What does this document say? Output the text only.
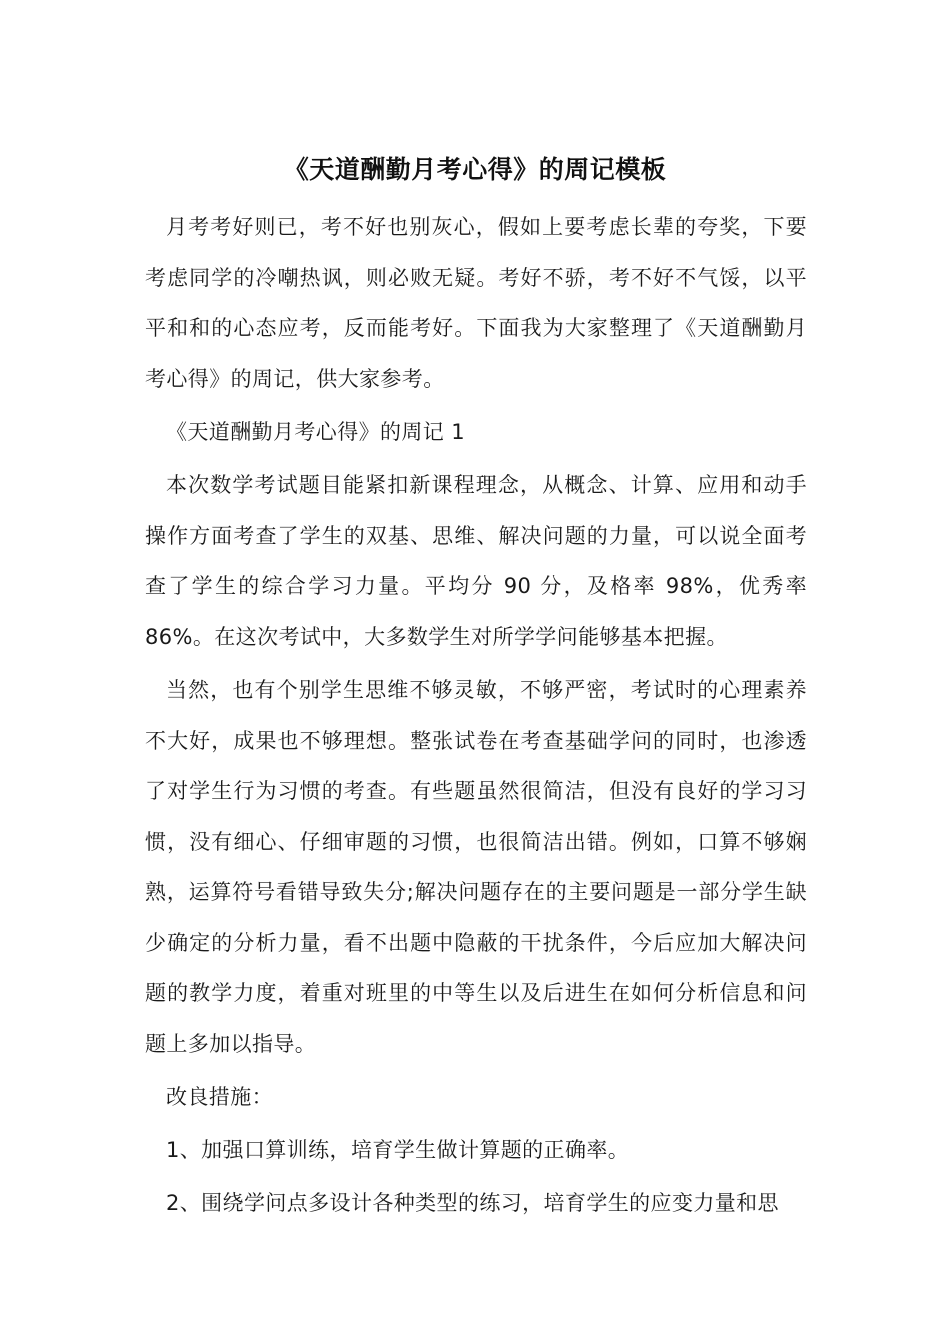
《天道酬勤月考心得》的周记模板

月考考好则已，考不好也别灰心，假如上要考虑长辈的夸奖，下要考虑同学的冷嘲热讽，则必败无疑。考好不骄，考不好不气馁，以平平和和的心态应考，反而能考好。下面我为大家整理了《天道酬勤月考心得》的周记，供大家参考。

《天道酬勤月考心得》的周记 1

本次数学考试题目能紧扣新课程理念，从概念、计算、应用和动手操作方面考查了学生的双基、思维、解决问题的力量，可以说全面考查了学生的综合学习力量。平均分 90 分，及格率 98%，优秀率 86%。在这次考试中，大多数学生对所学学问能够基本把握。

当然，也有个别学生思维不够灵敏，不够严密，考试时的心理素养不大好，成果也不够理想。整张试卷在考查基础学问的同时，也渗透了对学生行为习惯的考查。有些题虽然很简洁，但没有良好的学习习惯，没有细心、仔细审题的习惯，也很简洁出错。例如，口算不够娴熟，运算符号看错导致失分;解决问题存在的主要问题是一部分学生缺少确定的分析力量，看不出题中隐蔽的干扰条件，今后应加大解决问题的教学力度，着重对班里的中等生以及后进生在如何分析信息和问题上多加以指导。

改良措施：

1、加强口算训练，培育学生做计算题的正确率。

2、围绕学问点多设计各种类型的练习，培育学生的应变力量和思
